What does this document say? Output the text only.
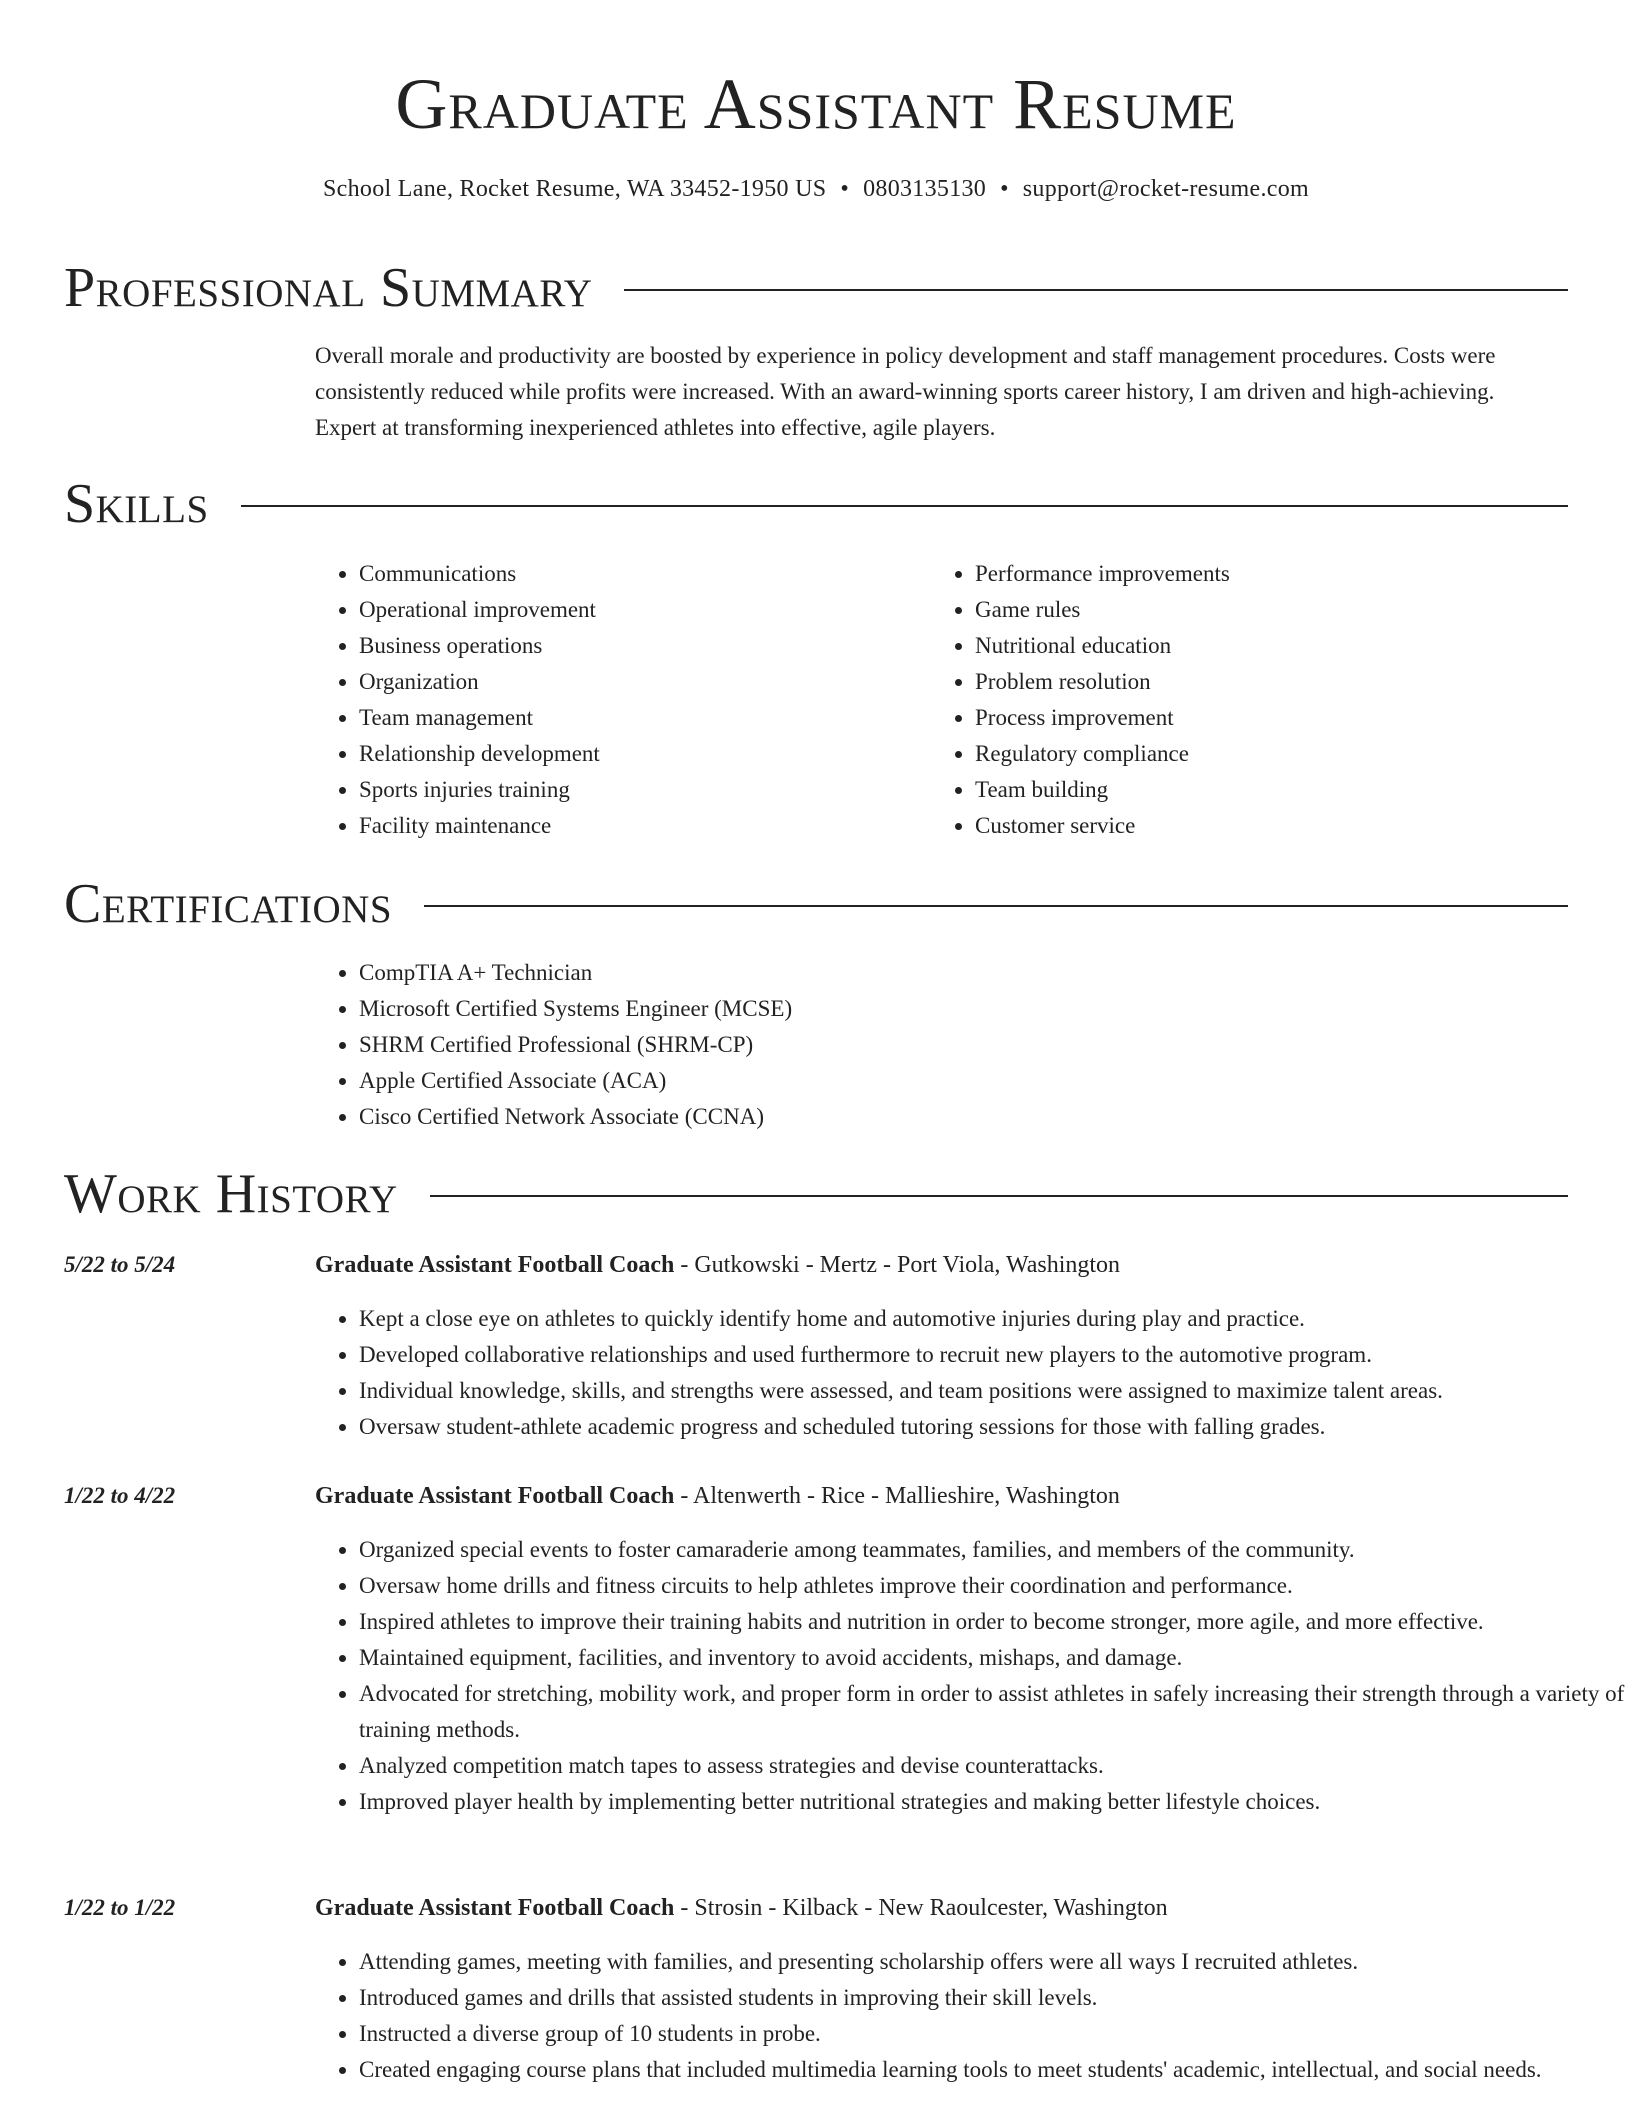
Graduate Assistant Resume
School Lane, Rocket Resume, WA 33452-1950 US • 0803135130 • support@rocket-resume.com
Professional Summary

Overall morale and productivity are boosted by experience in policy development and staff management procedures. Costs were consistently reduced while profits were increased. With an award-winning sports career history, I am driven and high-achieving. Expert at transforming inexperienced athletes into effective, agile players.

Skills
• Communications
• Operational improvement
• Business operations
• Organization
• Team management
• Relationship development
• Sports injuries training
• Facility maintenance
• Performance improvements
• Game rules
• Nutritional education
• Problem resolution
• Process improvement
• Regulatory compliance
• Team building
• Customer service
Certifications
• CompTIA A+ Technician
• Microsoft Certified Systems Engineer (MCSE)
• SHRM Certified Professional (SHRM-CP)
• Apple Certified Associate (ACA)
• Cisco Certified Network Associate (CCNA)
Work History
5/22 to 5/24	Graduate Assistant Football Coach - Gutkowski - Mertz - Port Viola, Washington
• Kept a close eye on athletes to quickly identify home and automotive injuries during play and practice.
• Developed collaborative relationships and used furthermore to recruit new players to the automotive program.
• Individual knowledge, skills, and strengths were assessed, and team positions were assigned to maximize talent areas.
• Oversaw student-athlete academic progress and scheduled tutoring sessions for those with falling grades.
1/22 to 4/22	Graduate Assistant Football Coach - Altenwerth - Rice - Mallieshire, Washington
• Organized special events to foster camaraderie among teammates, families, and members of the community.
• Oversaw home drills and fitness circuits to help athletes improve their coordination and performance.
• Inspired athletes to improve their training habits and nutrition in order to become stronger, more agile, and more effective.
• Maintained equipment, facilities, and inventory to avoid accidents, mishaps, and damage.
• Advocated for stretching, mobility work, and proper form in order to assist athletes in safely increasing their strength through a variety of training methods.
• Analyzed competition match tapes to assess strategies and devise counterattacks.
• Improved player health by implementing better nutritional strategies and making better lifestyle choices.
1/22 to 1/22	Graduate Assistant Football Coach - Strosin - Kilback - New Raoulcester, Washington
• Attending games, meeting with families, and presenting scholarship offers were all ways I recruited athletes.
• Introduced games and drills that assisted students in improving their skill levels.
• Instructed a diverse group of 10 students in probe.
• Created engaging course plans that included multimedia learning tools to meet students' academic, intellectual, and social needs.
